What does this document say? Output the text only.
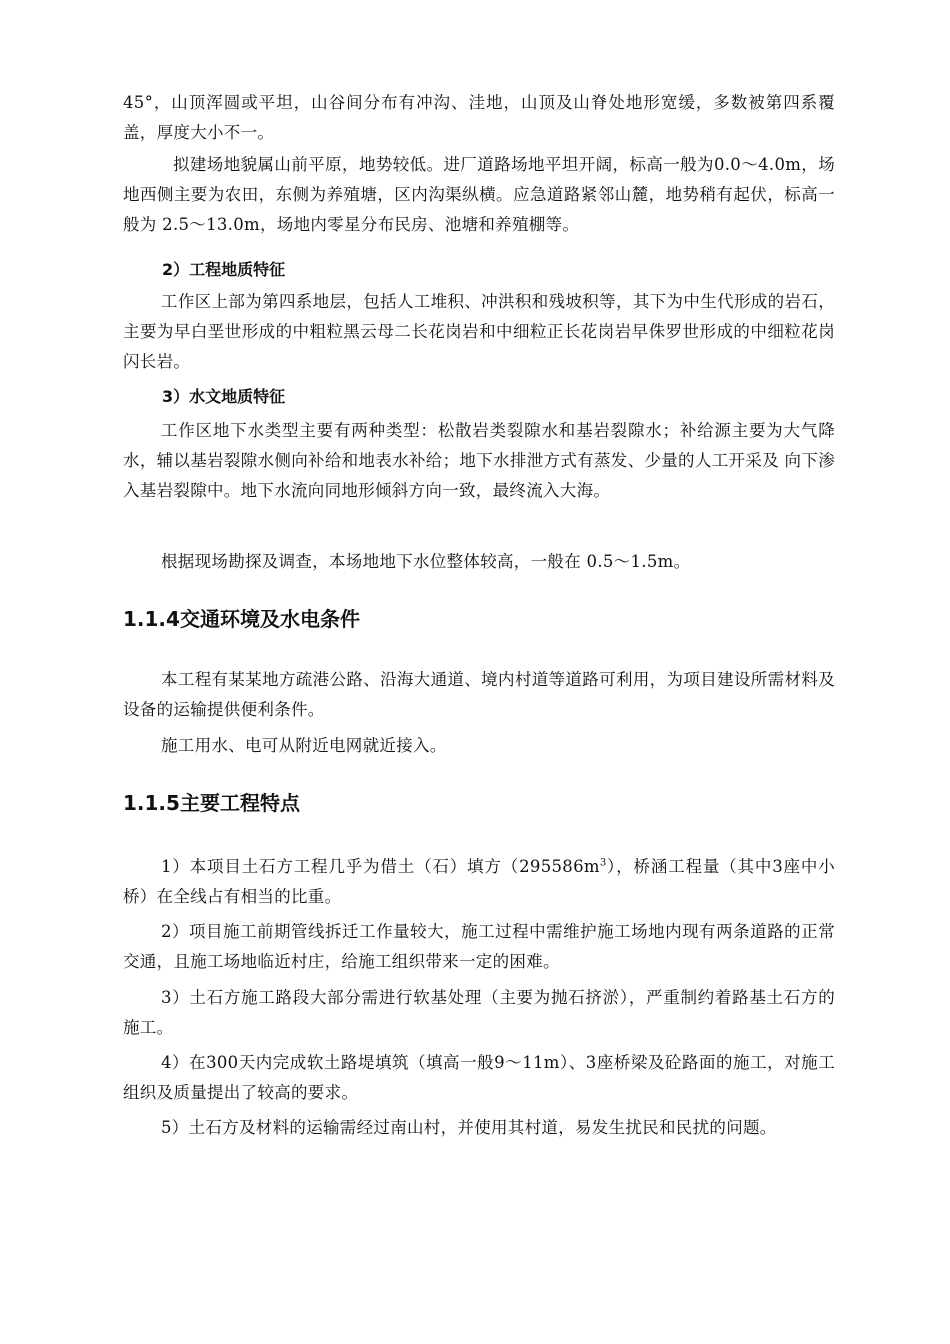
45°，山顶浑圆或平坦，山谷间分布有冲沟、洼地，山顶及山脊处地形宽缓，多数被第四系覆盖，厚度大小不一。

拟建场地貌属山前平原，地势较低。进厂道路场地平坦开阔，标高一般为0.0～4.0m，场地西侧主要为农田，东侧为养殖塘，区内沟渠纵横。应急道路紧邻山麓，地势稍有起伏，标高一般为 2.5～13.0m，场地内零星分布民房、池塘和养殖棚等。

2）工程地质特征

工作区上部为第四系地层，包括人工堆积、冲洪积和残坡积等，其下为中生代形成的岩石，主要为早白垩世形成的中粗粒黑云母二长花岗岩和中细粒正长花岗岩早侏罗世形成的中细粒花岗闪长岩。

3）水文地质特征

工作区地下水类型主要有两种类型：松散岩类裂隙水和基岩裂隙水；补给源主要为大气降水，辅以基岩裂隙水侧向补给和地表水补给；地下水排泄方式有蒸发、少量的人工开采及 向下渗入基岩裂隙中。地下水流向同地形倾斜方向一致，最终流入大海。

根据现场勘探及调查，本场地地下水位整体较高，一般在 0.5～1.5m。

1.1.4交通环境及水电条件

本工程有某某地方疏港公路、沿海大通道、境内村道等道路可利用，为项目建设所需材料及设备的运输提供便利条件。

施工用水、电可从附近电网就近接入。

1.1.5主要工程特点

1）本项目土石方工程几乎为借土（石）填方$(295586m^3)$，桥涵工程量（其中3座中小桥）在全线占有相当的比重。

2）项目施工前期管线拆迁工作量较大，施工过程中需维护施工场地内现有两条道路的正常交通，且施工场地临近村庄，给施工组织带来一定的困难。

3）土石方施工路段大部分需进行软基处理（主要为抛石挤淤），严重制约着路基土石方的施工。

4）在300天内完成软土路堤填筑（填高一般9～11m）、3座桥梁及砼路面的施工，对施工组织及质量提出了较高的要求。

5）土石方及材料的运输需经过南山村，并使用其村道，易发生扰民和民扰的问题。
